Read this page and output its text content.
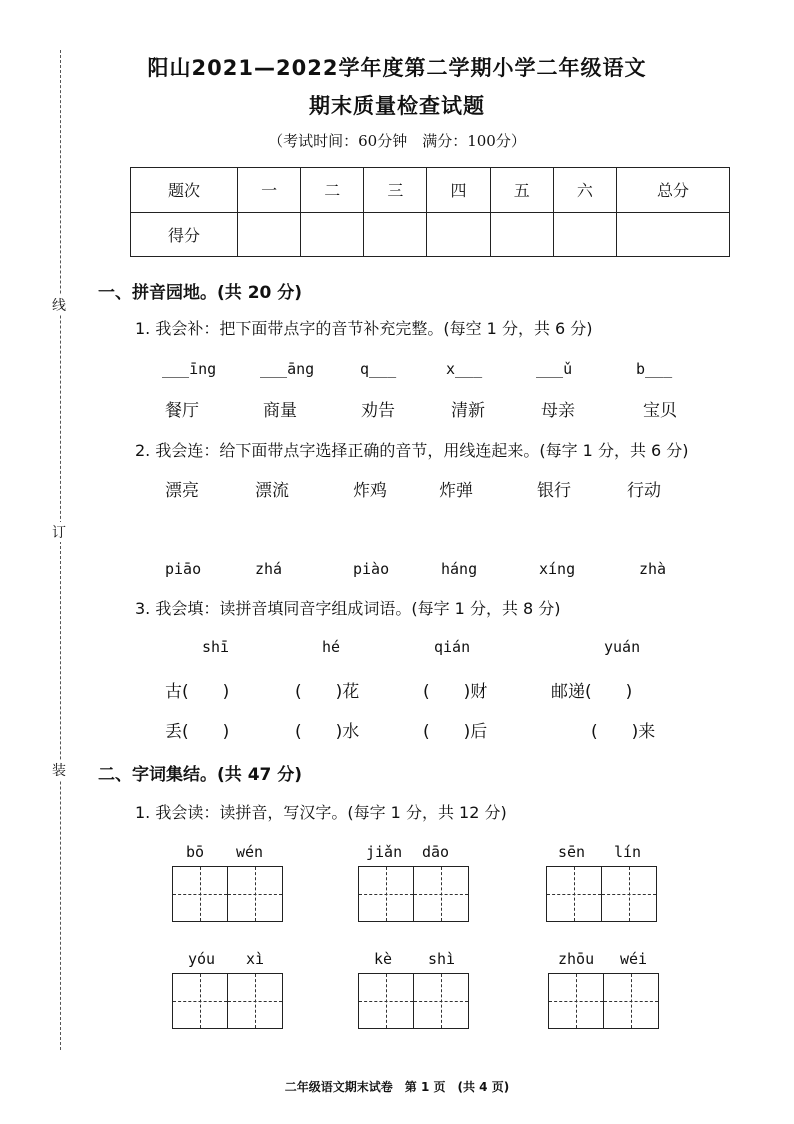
线
订
装
阳山2021—2022学年度第二学期小学二年级语文
期末质量检查试题
（考试时间：60分钟　满分：100分）
题次	一	二	三	四	五	六	总分
得分							
一、拼音园地。(共 20 分)
1. 我会补：把下面带点字的音节补充完整。(每空 1 分，共 6 分)
___īng	___āng	q___	x___	___ǔ	b___
餐厅	商量	劝告	清新	母亲	宝贝
2. 我会连：给下面带点字选择正确的音节，用线连起来。(每字 1 分，共 6 分)
漂亮	漂流	炸鸡	炸弹	银行	行动
piāo	zhá	piào	háng	xíng	zhà
3. 我会填：读拼音填同音字组成词语。(每字 1 分，共 8 分)
shī	hé	qián	yuán
古(　　)	(　　)花	(　　)财	邮递(　　)
丢(　　)	(　　)水	(　　)后	(　　)来
二、字词集结。(共 47 分)
1. 我会读：读拼音，写汉字。(每字 1 分，共 12 分)
bō wén	jiǎn dāo	sēn lín
yóu xì	kè shì	zhōu wéi
二年级语文期末试卷　第 1 页　(共 4 页)
